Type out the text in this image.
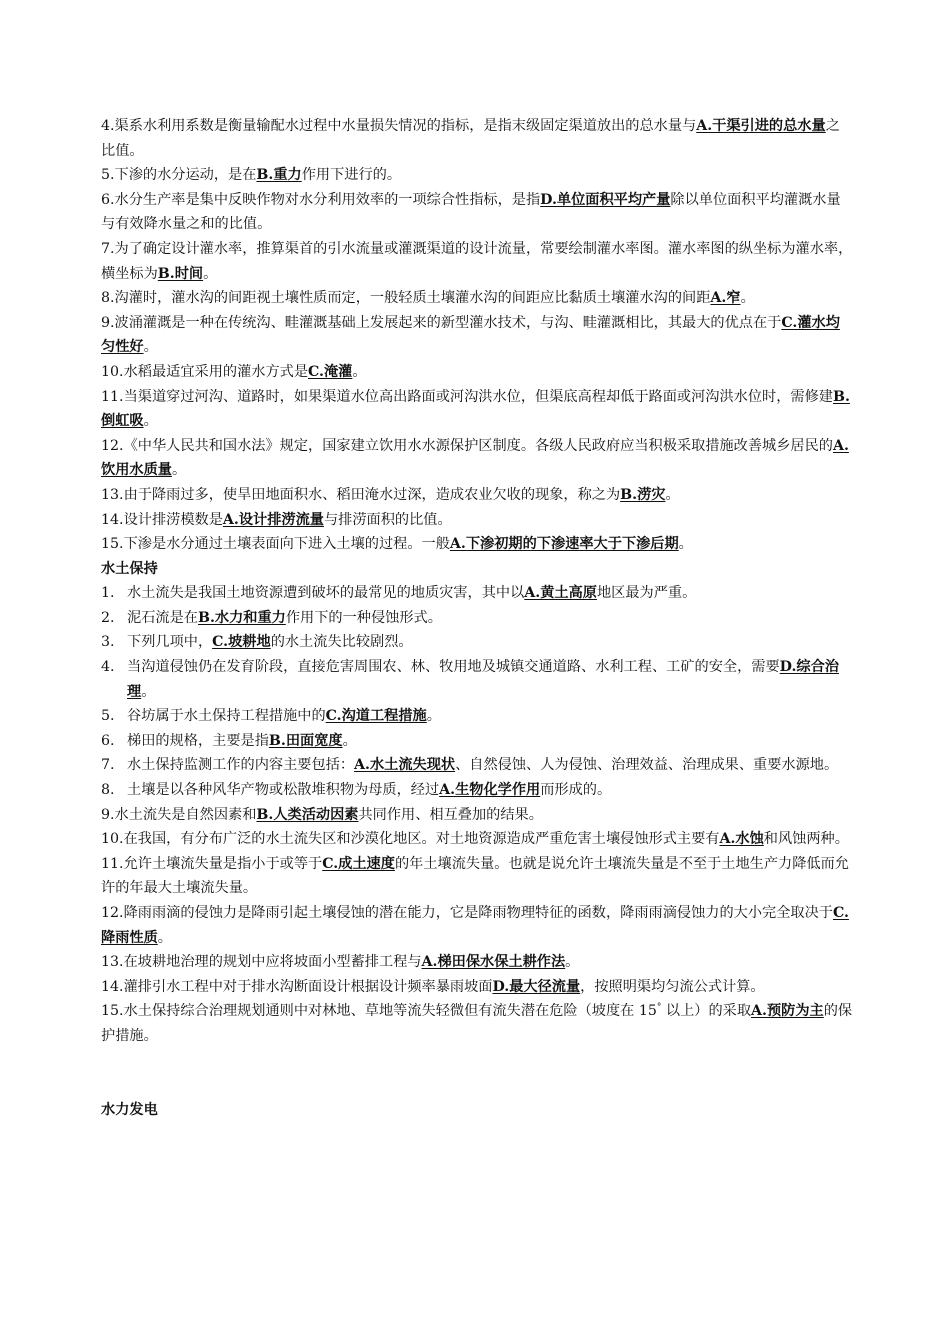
4.渠系水利用系数是衡量输配水过程中水量损失情况的指标，是指末级固定渠道放出的总水量与A.干渠引进的总水量之比值。
5.下渗的水分运动，是在B.重力作用下进行的。
6.水分生产率是集中反映作物对水分利用效率的一项综合性指标，是指D.单位面积平均产量除以单位面积平均灌溉水量与有效降水量之和的比值。
7.为了确定设计灌水率，推算渠首的引水流量或灌溉渠道的设计流量，常要绘制灌水率图。灌水率图的纵坐标为灌水率，横坐标为B.时间。
8.沟灌时，灌水沟的间距视土壤性质而定，一般轻质土壤灌水沟的间距应比黏质土壤灌水沟的间距A.窄。
9.波涌灌溉是一种在传统沟、畦灌溉基础上发展起来的新型灌水技术，与沟、畦灌溉相比，其最大的优点在于C.灌水均匀性好。
10.水稻最适宜采用的灌水方式是C.淹灌。
11.当渠道穿过河沟、道路时，如果渠道水位高出路面或河沟洪水位，但渠底高程却低于路面或河沟洪水位时，需修建B.倒虹吸。
12.《中华人民共和国水法》规定，国家建立饮用水水源保护区制度。各级人民政府应当积极采取措施改善城乡居民的A.饮用水质量。
13.由于降雨过多，使旱田地面积水、稻田淹水过深，造成农业欠收的现象，称之为B.涝灾。
14.设计排涝模数是A.设计排涝流量与排涝面积的比值。
15.下渗是水分通过土壤表面向下进入土壤的过程。一般A.下渗初期的下渗速率大于下渗后期。
水土保持
1. 水土流失是我国土地资源遭到破坏的最常见的地质灾害，其中以A.黄土高原地区最为严重。
2. 泥石流是在B.水力和重力作用下的一种侵蚀形式。
3. 下列几项中，C.坡耕地的水土流失比较剧烈。
4. 当沟道侵蚀仍在发育阶段，直接危害周围农、林、牧用地及城镇交通道路、水利工程、工矿的安全，需要D.综合治理。
5. 谷坊属于水土保持工程措施中的C.沟道工程措施。
6. 梯田的规格，主要是指B.田面宽度。
7. 水土保持监测工作的内容主要包括：A.水土流失现状、自然侵蚀、人为侵蚀、治理效益、治理成果、重要水源地。
8. 土壤是以各种风华产物或松散堆积物为母质，经过A.生物化学作用而形成的。
9.水土流失是自然因素和B.人类活动因素共同作用、相互叠加的结果。
10.在我国，有分布广泛的水土流失区和沙漠化地区。对土地资源造成严重危害土壤侵蚀形式主要有A.水蚀和风蚀两种。
11.允许土壤流失量是指小于或等于C.成土速度的年土壤流失量。也就是说允许土壤流失量是不至于土地生产力降低而允许的年最大土壤流失量。
12.降雨雨滴的侵蚀力是降雨引起土壤侵蚀的潜在能力，它是降雨物理特征的函数，降雨雨滴侵蚀力的大小完全取决于C.降雨性质。
13.在坡耕地治理的规划中应将坡面小型蓄排工程与A.梯田保水保土耕作法。
14.灌排引水工程中对于排水沟断面设计根据设计频率暴雨坡面D.最大径流量，按照明渠均匀流公式计算。
15.水土保持综合治理规划通则中对林地、草地等流失轻微但有流失潜在危险（坡度在 15° 以上）的采取A.预防为主的保护措施。
水力发电
